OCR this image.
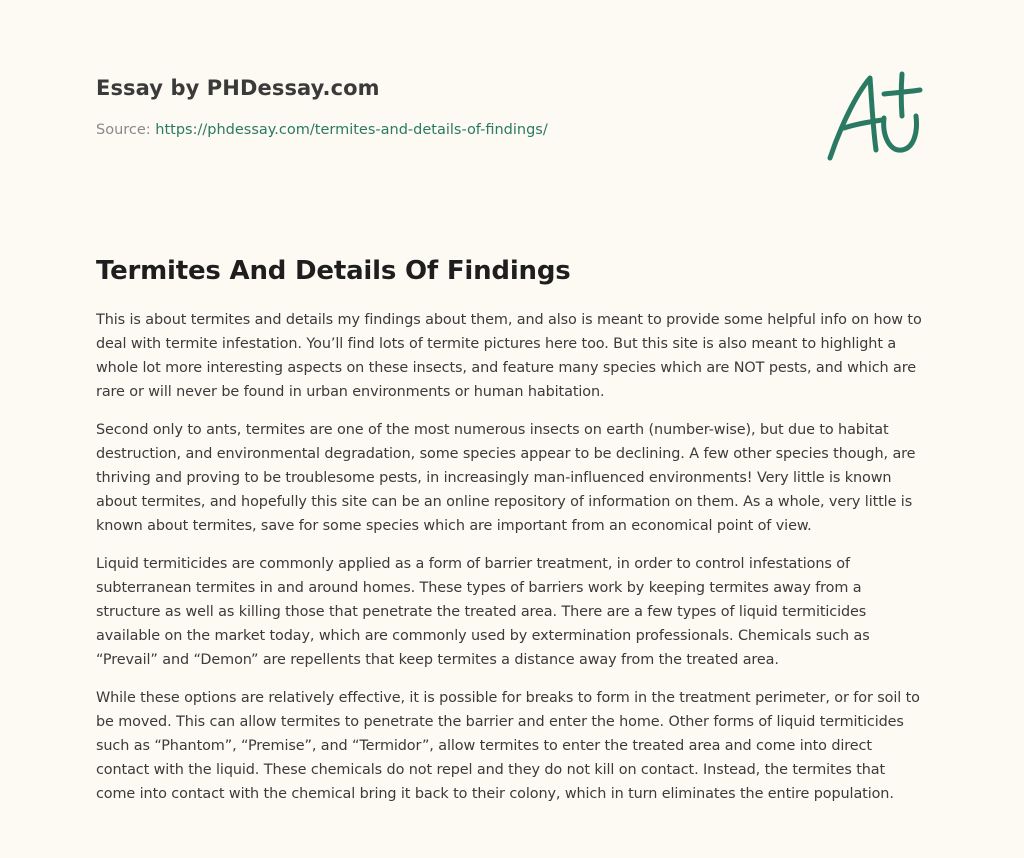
Essay by PHDessay.com

Source: https://phdessay.com/termites-and-details-of-findings/
Termites And Details Of Findings

This is about termites and details my findings about them, and also is meant to provide some helpful info on how to deal with termite infestation. You’ll find lots of termite pictures here too. But this site is also meant to highlight a whole lot more interesting aspects on these insects, and feature many species which are NOT pests, and which are rare or will never be found in urban environments or human habitation.

Second only to ants, termites are one of the most numerous insects on earth (number-wise), but due to habitat destruction, and environmental degradation, some species appear to be declining. A few other species though, are thriving and proving to be troublesome pests, in increasingly man-influenced environments! Very little is known about termites, and hopefully this site can be an online repository of information on them. As a whole, very little is known about termites, save for some species which are important from an economical point of view.

Liquid termiticides are commonly applied as a form of barrier treatment, in order to control infestations of subterranean termites in and around homes. These types of barriers work by keeping termites away from a structure as well as killing those that penetrate the treated area. There are a few types of liquid termiticides available on the market today, which are commonly used by extermination professionals. Chemicals such as “Prevail” and “Demon” are repellents that keep termites a distance away from the treated area.

While these options are relatively effective, it is possible for breaks to form in the treatment perimeter, or for soil to be moved. This can allow termites to penetrate the barrier and enter the home. Other forms of liquid termiticides such as “Phantom”, “Premise”, and “Termidor”, allow termites to enter the treated area and come into direct contact with the liquid. These chemicals do not repel and they do not kill on contact. Instead, the termites that come into contact with the chemical bring it back to their colony, which in turn eliminates the entire population.
